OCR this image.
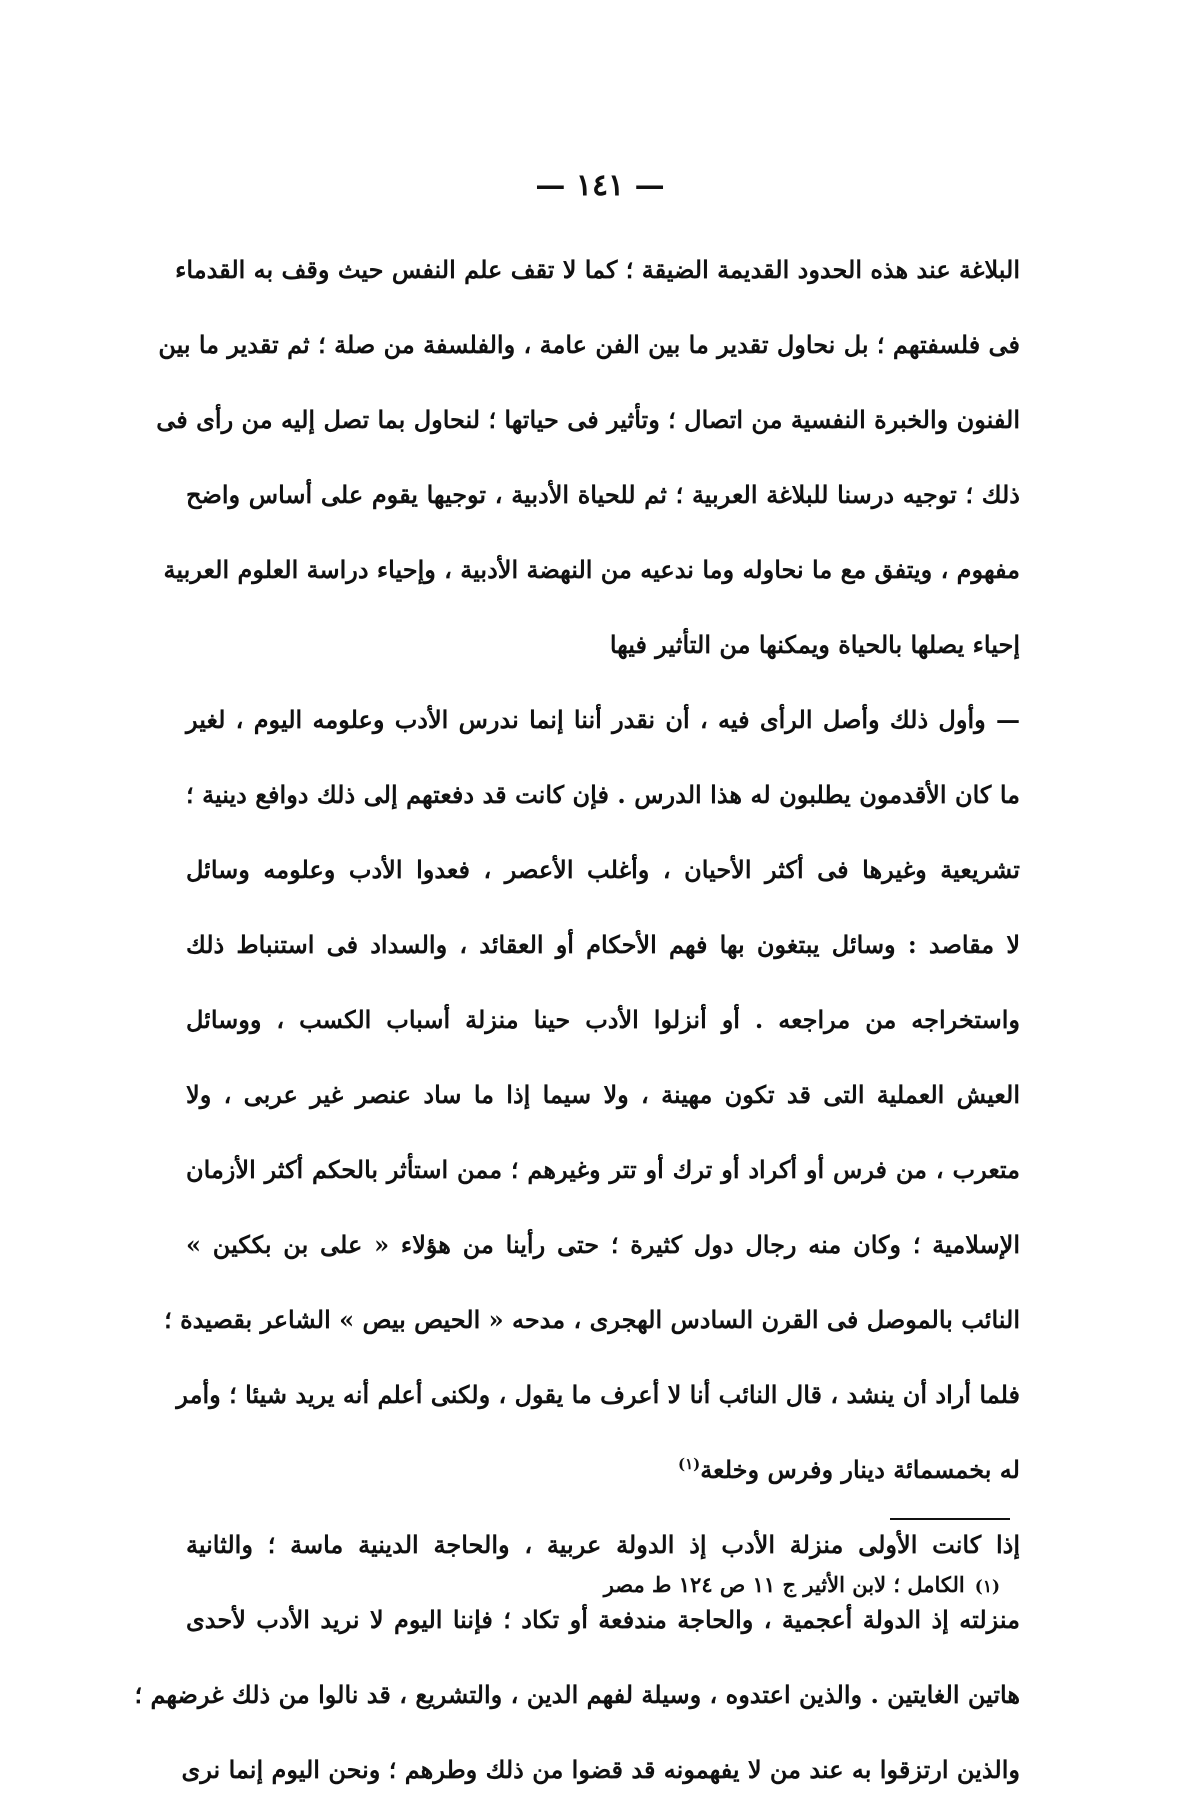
— ١٤١ —
البلاغة عند هذه الحدود القديمة الضيقة ؛ كما لا تقف علم النفس حيث وقف به القدماء
فى فلسفتهم ؛ بل نحاول تقدير ما بين الفن عامة ، والفلسفة من صلة ؛ ثم تقدير ما بين
الفنون والخبرة النفسية من اتصال ؛ وتأثير فى حياتها ؛ لنحاول بما تصل إليه من رأى فى
ذلك ؛ توجيه درسنا للبلاغة العربية ؛ ثم للحياة الأدبية ، توجيها يقوم على أساس واضح
مفهوم ، ويتفق مع ما نحاوله وما ندعيه من النهضة الأدبية ، وإحياء دراسة العلوم العربية
إحياء يصلها بالحياة ويمكنها من التأثير فيها
— وأول ذلك وأصل الرأى فيه ، أن نقدر أننا إنما ندرس الأدب وعلومه اليوم ، لغير
ما كان الأقدمون يطلبون له هذا الدرس . فإن كانت قد دفعتهم إلى ذلك دوافع دينية ؛
تشريعية وغيرها فى أكثر الأحيان ، وأغلب الأعصر ، فعدوا الأدب وعلومه وسائل
لا مقاصد : وسائل يبتغون بها فهم الأحكام أو العقائد ، والسداد فى استنباط ذلك
واستخراجه من مراجعه . أو أنزلوا الأدب حينا منزلة أسباب الكسب ، ووسائل
العيش العملية التى قد تكون مهينة ، ولا سيما إذا ما ساد عنصر غير عربى ، ولا
متعرب ، من فرس أو أكراد أو ترك أو تتر وغيرهم ؛ ممن استأثر بالحكم أكثر الأزمان
الإسلامية ؛ وكان منه رجال دول كثيرة ؛ حتى رأينا من هؤلاء « على بن بككين »
النائب بالموصل فى القرن السادس الهجرى ، مدحه « الحيص بيص » الشاعر بقصيدة ؛
فلما أراد أن ينشد ، قال النائب أنا لا أعرف ما يقول ، ولكنى أعلم أنه يريد شيئا ؛ وأمر
له بخمسمائة دينار وفرس وخلعة$^{(١)}$
إذا كانت الأولى منزلة الأدب إذ الدولة عربية ، والحاجة الدينية ماسة ؛ والثانية
منزلته إذ الدولة أعجمية ، والحاجة مندفعة أو تكاد ؛ فإننا اليوم لا نريد الأدب لأحدى
هاتين الغايتين . والذين اعتدوه ، وسيلة لفهم الدين ، والتشريع ، قد نالوا من ذلك غرضهم ؛
والذين ارتزقوا به عند من لا يفهمونه قد قضوا من ذلك وطرهم ؛ ونحن اليوم إنما نرى
(١)الكامل ؛ لابن الأثير ج ١١ ص ١٢٤ ط مصر
